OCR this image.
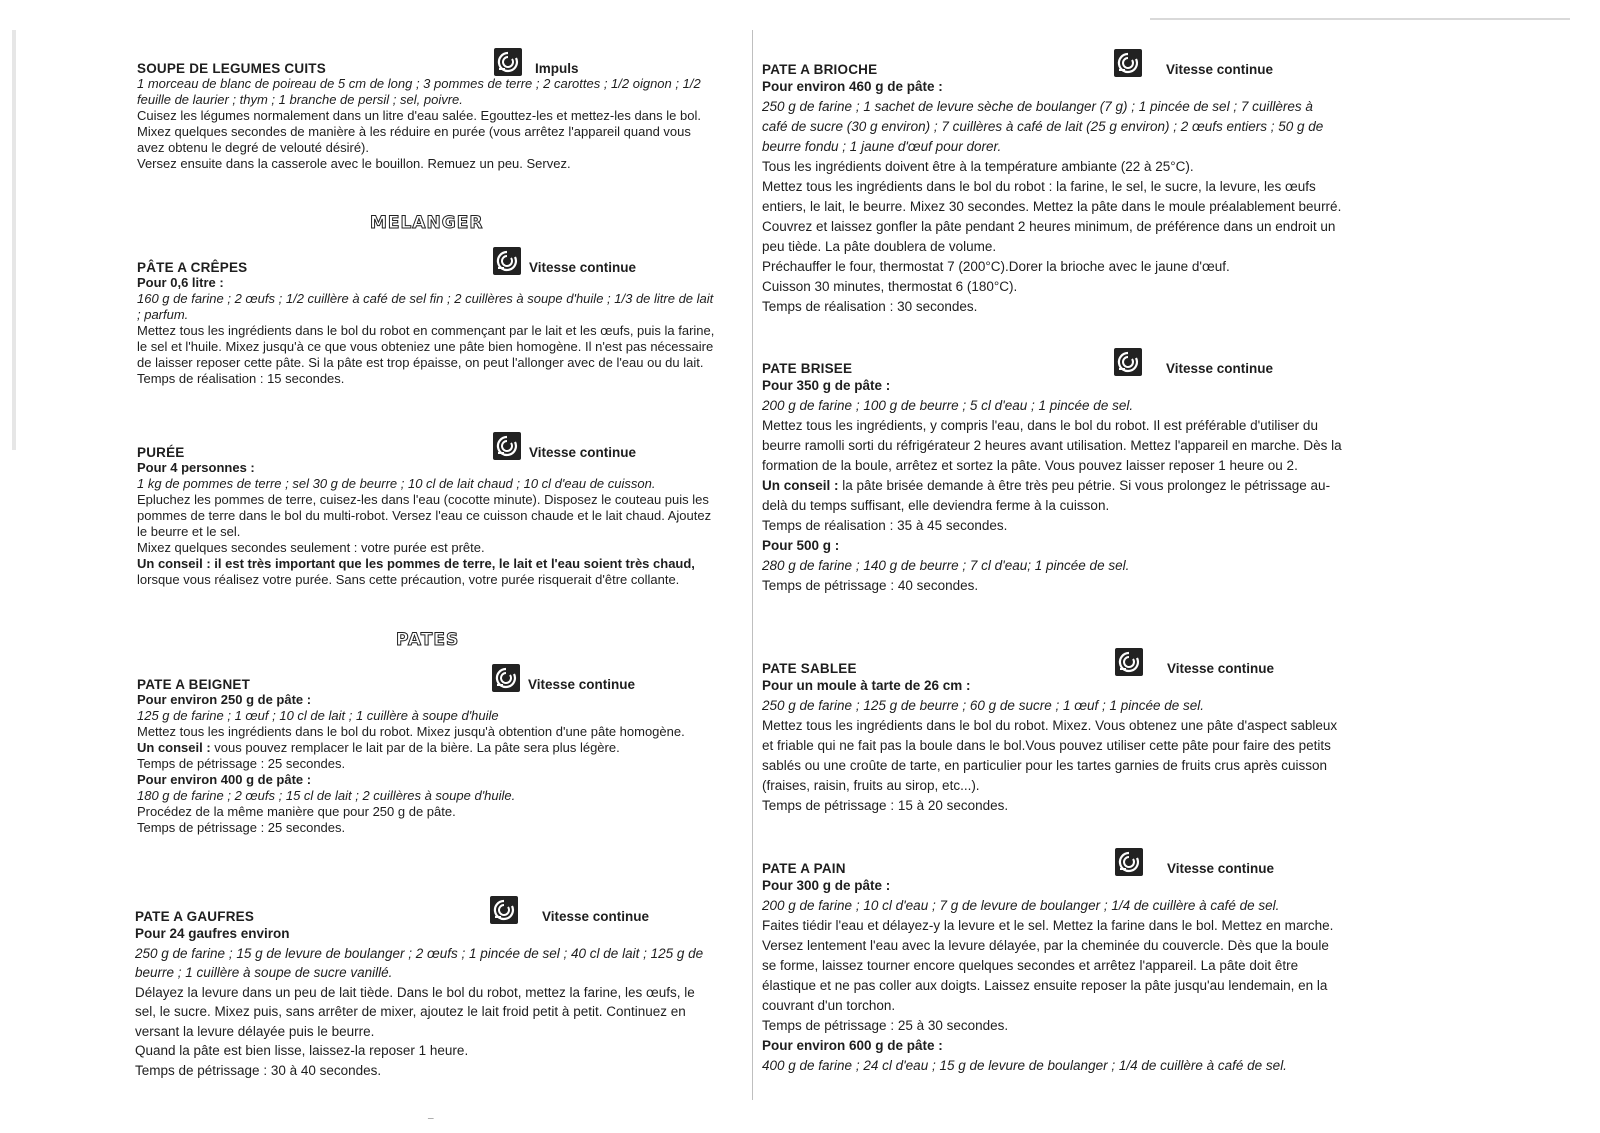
SOUPE DE LEGUMES CUITS	Impuls

1 morceau de blanc de poireau de 5 cm de long ; 3 pommes de terre ; 2 carottes ; 1/2 oignon ; 1/2 feuille de laurier ; thym ; 1 branche de persil ; sel, poivre.

Cuisez les légumes normalement dans un litre d'eau salée. Egouttez-les et mettez-les dans le bol. Mixez quelques secondes de manière à les réduire en purée (vous arrêtez l'appareil quand vous avez obtenu le degré de velouté désiré).

Versez ensuite dans la casserole avec le bouillon. Remuez un peu. Servez.

MELANGER
PÂTE A CRÊPES	Vitesse continue

Pour 0,6 litre :

160 g de farine ; 2 œufs ; 1/2 cuillère à café de sel fin ; 2 cuillères à soupe d'huile ; 1/3 de litre de lait ; parfum.

Mettez tous les ingrédients dans le bol du robot en commençant par le lait et les œufs, puis la farine, le sel et l'huile. Mixez jusqu'à ce que vous obteniez une pâte bien homogène. Il n'est pas nécessaire de laisser reposer cette pâte. Si la pâte est trop épaisse, on peut l'allonger avec de l'eau ou du lait.

Temps de réalisation : 15 secondes.

PURÉE	Vitesse continue

Pour 4 personnes :

1 kg de pommes de terre ; sel 30 g de beurre ; 10 cl de lait chaud ; 10 cl d'eau de cuisson.

Epluchez les pommes de terre, cuisez-les dans l'eau (cocotte minute). Disposez le couteau puis les pommes de terre dans le bol du multi-robot. Versez l'eau ce cuisson chaude et le lait chaud. Ajoutez le beurre et le sel.

Mixez quelques secondes seulement : votre purée est prête.

Un conseil : il est très important que les pommes de terre, le lait et l'eau soient très chaud, lorsque vous réalisez votre purée. Sans cette précaution, votre purée risquerait d'être collante.

PATES
PATE A BEIGNET	Vitesse continue

Pour environ 250 g de pâte :

125 g de farine ; 1 œuf ; 10 cl de lait ; 1 cuillère à soupe d'huile

Mettez tous les ingrédients dans le bol du robot. Mixez jusqu'à obtention d'une pâte homogène.

Un conseil : vous pouvez remplacer le lait par de la bière. La pâte sera plus légère.

Temps de pétrissage : 25 secondes.

Pour environ 400 g de pâte :

180 g de farine ; 2 œufs ; 15 cl de lait ; 2 cuillères à soupe d'huile.

Procédez de la même manière que pour 250 g de pâte.

Temps de pétrissage : 25 secondes.

PATE A GAUFRES	Vitesse continue

Pour 24 gaufres environ

250 g de farine ; 15 g de levure de boulanger ; 2 œufs ; 1 pincée de sel ; 40 cl de lait ; 125 g de beurre ; 1 cuillère à soupe de sucre vanillé.

Délayez la levure dans un peu de lait tiède. Dans le bol du robot, mettez la farine, les œufs, le sel, le sucre. Mixez puis, sans arrêter de mixer, ajoutez le lait froid petit à petit. Continuez en versant la levure délayée puis le beurre.

Quand la pâte est bien lisse, laissez-la reposer 1 heure.

Temps de pétrissage : 30 à 40 secondes.

¯
PATE A BRIOCHE	Vitesse continue

Pour environ 460 g de pâte :

250 g de farine ; 1 sachet de levure sèche de boulanger (7 g) ; 1 pincée de sel ; 7 cuillères à café de sucre (30 g environ) ; 7 cuillères à café de lait (25 g environ) ; 2 œufs entiers ; 50 g de beurre fondu ; 1 jaune d'œuf pour dorer.

Tous les ingrédients doivent être à la température ambiante (22 à 25°C).

Mettez tous les ingrédients dans le bol du robot : la farine, le sel, le sucre, la levure, les œufs entiers, le lait, le beurre. Mixez 30 secondes. Mettez la pâte dans le moule préalablement beurré. Couvrez et laissez gonfler la pâte pendant 2 heures minimum, de préférence dans un endroit un peu tiède. La pâte doublera de volume.

Préchauffer le four, thermostat 7 (200°C).Dorer la brioche avec le jaune d'œuf.

Cuisson 30 minutes, thermostat 6 (180°C).

Temps de réalisation : 30 secondes.

PATE BRISEE	Vitesse continue

Pour 350 g de pâte :

200 g de farine ; 100 g de beurre ; 5 cl d'eau ; 1 pincée de sel.

Mettez tous les ingrédients, y compris l'eau, dans le bol du robot. Il est préférable d'utiliser du beurre ramolli sorti du réfrigérateur 2 heures avant utilisation. Mettez l'appareil en marche. Dès la formation de la boule, arrêtez et sortez la pâte. Vous pouvez laisser reposer 1 heure ou 2.

Un conseil : la pâte brisée demande à être très peu pétrie. Si vous prolongez le pétrissage au-delà du temps suffisant, elle deviendra ferme à la cuisson.

Temps de réalisation : 35 à 45 secondes.

Pour 500 g :

280 g de farine ; 140 g de beurre ; 7 cl d'eau; 1 pincée de sel.

Temps de pétrissage : 40 secondes.

PATE SABLEE	Vitesse continue

Pour un moule à tarte de 26 cm :

250 g de farine ; 125 g de beurre ; 60 g de sucre ; 1 œuf ; 1 pincée de sel.

Mettez tous les ingrédients dans le bol du robot. Mixez. Vous obtenez une pâte d'aspect sableux et friable qui ne fait pas la boule dans le bol.Vous pouvez utiliser cette pâte pour faire des petits sablés ou une croûte de tarte, en particulier pour les tartes garnies de fruits crus après cuisson (fraises, raisin, fruits au sirop, etc...).

Temps de pétrissage : 15 à 20 secondes.

PATE A PAIN	Vitesse continue

Pour 300 g de pâte :

200 g de farine ; 10 cl d'eau ; 7 g de levure de boulanger ; 1/4 de cuillère à café de sel.

Faites tiédir l'eau et délayez-y la levure et le sel. Mettez la farine dans le bol. Mettez en marche. Versez lentement l'eau avec la levure délayée, par la cheminée du couvercle. Dès que la boule se forme, laissez tourner encore quelques secondes et arrêtez l'appareil. La pâte doit être élastique et ne pas coller aux doigts. Laissez ensuite reposer la pâte jusqu'au lendemain, en la couvrant d'un torchon.

Temps de pétrissage : 25 à 30 secondes.

Pour environ 600 g de pâte :

400 g de farine ; 24 cl d'eau ; 15 g de levure de boulanger ; 1/4 de cuillère à café de sel.
